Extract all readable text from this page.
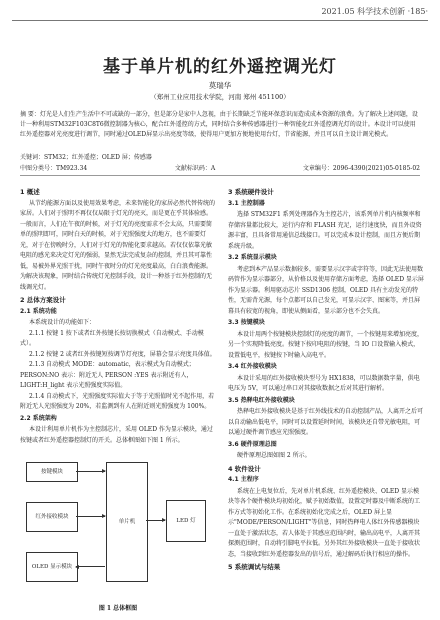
2021.05 科学技术创新 ·185·
基于单片机的红外遥控调光灯
莫瑞华
（郑州工业应用技术学院，河南 郑州 451100）
摘 要：灯光是人们生产生活中不可或缺的一部分，但是部分是家中人忽视，由于长期缺乏节能环保意识而造成成本资源的浪费。为了解决上述问题，设计一种利用STM32F103C8T6微控制器为核心，配合红外遥控的方式，同时结合多种传感器进行一种智能化红外遥控调光灯的设计。本设计可以使用红外遥控器对光亮度进行调节，同时通过OLED屏显示出亮度等级，使得用户更加方便地使用台灯，节省能源，并且可以自主设计调光模式。
关键词：STM32；红外遥控；OLED 屏；传感器
中图分类号：TM923.34	文献标识码：A	文章编号：2096-4390(2021)05-0185-02
1 概述

从节约能源方面以及使用效果考虑，未来智能化的家居必然代替传统的家居。人们对于照明不再仅仅局限于灯光的亮灭，而是更在乎其体验感。一般而言，人们在午夜的时候，对于灯光的亮度需求不会太高，只需要简单的照明即可，同时白天的时候，对于光照强度大的地方，也不需要灯光，对于在傍晚时分，人们对于灯光的智能化要求越高。若仅仅依靠光敏电阻的感光来决定灯光的强弱，显然无法完成复杂的控制，并且其可靠性低，易被外界光照干扰，同时午夜时分的灯光亮度最高，白白浪费能源。为解决该现象，同时结合传统灯光控制手段，设计一种基于红外控制的无线调光灯。

2 总体方案设计
2.1 系统功能

本系统设计的功能如下：

2.1.1 按键 1 按下或者红外按键长按切换模式（自动模式、手动模式）。

2.1.2 按键 2 或者红外按键短按调节灯亮度，屏幕会显示亮度具体值。

2.1.3 自动模式 MODE：automatic，表示模式为自动模式；PERSON:NO 表示：附近无人 PERSON :YES 表示附近有人，LIGHT:H_light 表示光照强度实际值。

2.1.4 自动模式下，光照强度实际值大于等于光照值时光不起作用，若附近无人光照强度为 20%，若监测到有人在附近则光照强度为 100%。

2.2 系统架构

本设计利用单片机作为主控制芯片，采用 OLED 作为显示模块，通过按键或者红外遥控器控制灯的开关。总体框图如下图 1 所示。

按键模块
红外接收模块
OLED 显示模块
单片机	LED 灯
图 1 总体框图
3 系统硬件设计
3.1 主控制器

选择 STM32F1 系列处理器作为主控芯片，该系列单片机内核频率和存储容量都比较大，运行内存和 FLASH 充足，运行速度快，而且外设资源丰富，且具备常用通信总线接口。可以完成本设计控制，而且方便后期系统升级。

3.2 系统显示模块

考虑到本产品显示数据较多，需要显示汉字或字符等，因此无法使用数码管作为显示器部分，从价格以及使用存储方面考虑，选择 OLED 显示屏作为显示器。利用驱动芯片 SSD1306 控制，OLED 具有主动发光的特性，无需背光源，每个点都可以自己发光，可显示汉字、图案等，并且屏幕具有较宽的视角，即使从侧面看，显示部分也不会失真。

3.3 按键模块

本设计用两个按键模块控制灯的亮度的调节，一个按键用来增加亮度，另一个实现降低亮度。按键下按印电阻的按键，当 IO 口设置输入模式，设置低电平，按键按下时输入高电平。

3.4 红外接收模块

本设计采用的红外接收模块型号为 HX1838，可以数据数字量，供电电压为 5V，可以通过串口对其接收数据之后对其进行解析。

3.5 热释电红外接收模块

热释电红外接收模块是基于红外线技术的自动控制产品，人离开之后可以自动输出低电平，同时可以设置延时时间，该模块还自带光敏电阻，可以通过硬件调节感应光照强度。

3.6 硬件原理总图

硬件原理总图如图 2 所示。

4 软件设计
4.1 主程序

系统在上电复位后，先对单片机系统、红外遥控模块、OLED 显示模块等各个硬件模块均初始化，赋予初始数值，设置定时器及中断系统的工作方式等初始化工作。在系统初始化完成之后，OLED 屏上显示"MODE/PERSON/LIGHT"等信息，同时热释电人体红外传感器模块一直处于激活状态，若人体处于其感应范围内时，输出高电平，人离开其探测范围时，自动将引脚电平拉低。另外其红外接收模块一直处于接收状态，当接收到红外遥控器发出的信号后，通过解码后执行相应的操作。

5 系统调试与结果
